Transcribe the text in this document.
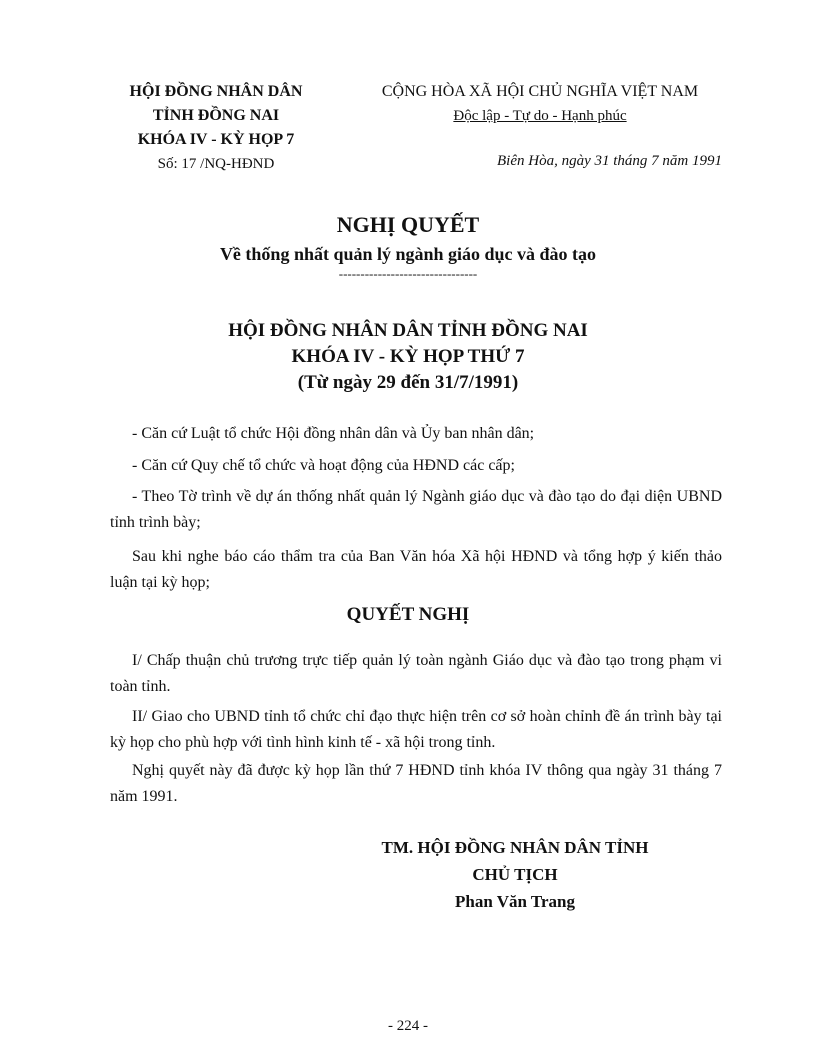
HỘI ĐỒNG NHÂN DÂN
TỈNH ĐỒNG NAI
KHÓA IV - KỲ HỌP 7
Số: 17 /NQ-HĐND
CỘNG HÒA XÃ HỘI CHỦ NGHĨA VIỆT NAM
Độc lập - Tự do - Hạnh phúc
Biên Hòa, ngày 31 tháng 7 năm 1991
NGHỊ QUYẾT
Về thống nhất quản lý ngành giáo dục và đào tạo
--------------------------------
HỘI ĐỒNG NHÂN DÂN TỈNH ĐỒNG NAI
KHÓA IV - KỲ HỌP THỨ 7
(Từ ngày 29 đến 31/7/1991)
- Căn cứ Luật tổ chức Hội đồng nhân dân và Ủy ban nhân dân;
- Căn cứ Quy chế tổ chức và hoạt động của HĐND các cấp;
- Theo Tờ trình về dự án thống nhất quản lý Ngành giáo dục và đào tạo do đại diện UBND tỉnh trình bày;
Sau khi nghe báo cáo thẩm tra của Ban Văn hóa Xã hội HĐND và tổng hợp ý kiến thảo luận tại kỳ họp;
QUYẾT NGHỊ
I/ Chấp thuận chủ trương trực tiếp quản lý toàn ngành Giáo dục và đào tạo trong phạm vi toàn tỉnh.
II/ Giao cho UBND tỉnh tổ chức chỉ đạo thực hiện trên cơ sở hoàn chỉnh đề án trình bày tại kỳ họp cho phù hợp với tình hình kinh tế - xã hội trong tỉnh.
Nghị quyết này đã được kỳ họp lần thứ 7 HĐND tỉnh khóa IV thông qua ngày 31 tháng 7 năm 1991.
TM. HỘI ĐỒNG NHÂN DÂN TỈNH
CHỦ TỊCH
Phan Văn Trang
- 224 -
